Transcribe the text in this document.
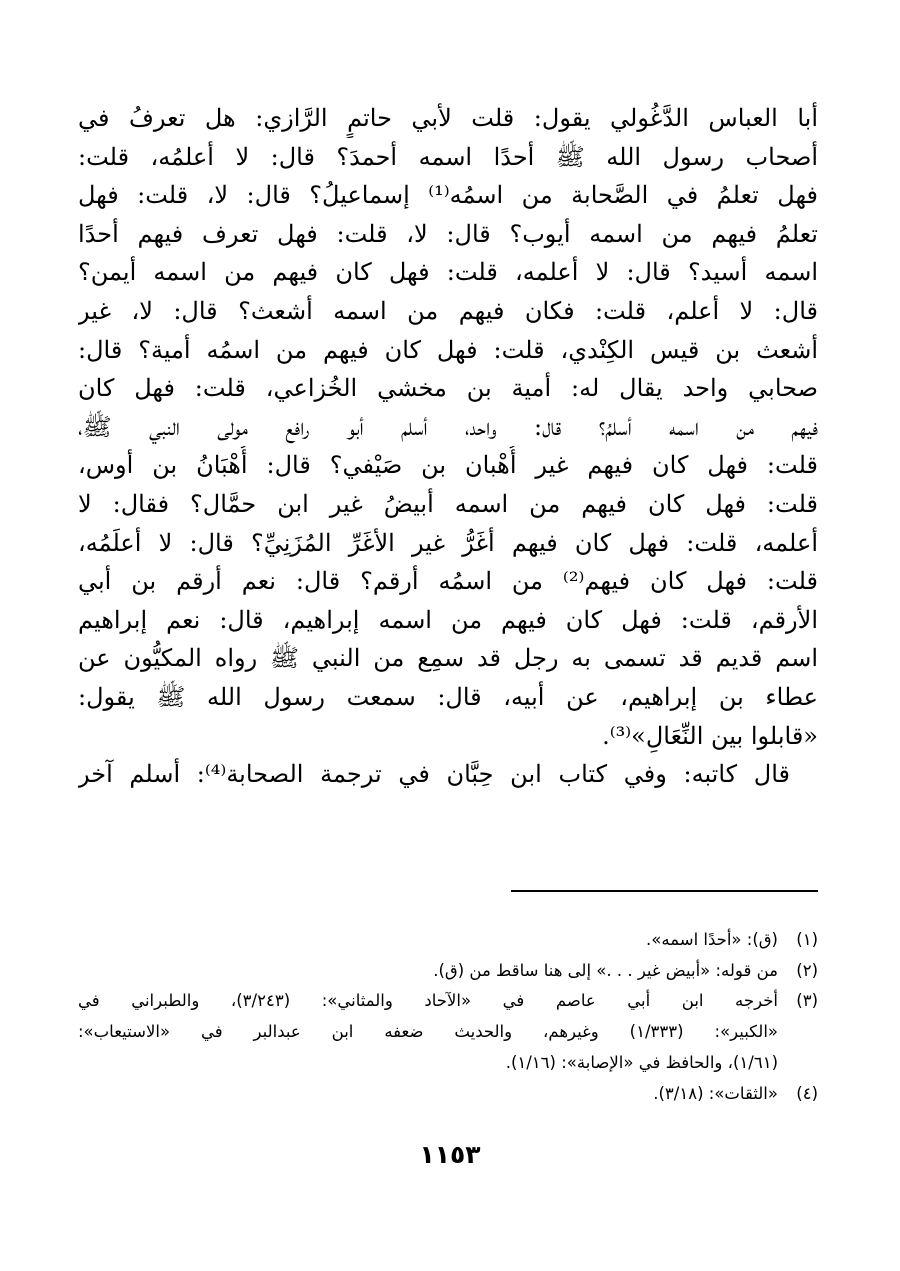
أبا العباس الدَّغُولي يقول: قلت لأبي حاتمٍ الرَّازي: هل تعرفُ في
أصحاب رسول الله ﷺ أحدًا اسمه أحمدَ؟ قال: لا أعلمُه، قلت:
فهل تعلمُ في الصَّحابة من اسمُه⁽¹⁾ إسماعيلُ؟ قال: لا، قلت: فهل
تعلمُ فيهم من اسمه أيوب؟ قال: لا، قلت: فهل تعرف فيهم أحدًا
اسمه أسيد؟ قال: لا أعلمه، قلت: فهل كان فيهم من اسمه أيمن؟
قال: لا أعلم، قلت: فكان فيهم من اسمه أشعث؟ قال: لا، غير
أشعث بن قيس الكِنْدي، قلت: فهل كان فيهم من اسمُه أمية؟ قال:
صحابي واحد يقال له: أمية بن مخشي الخُزاعي، قلت: فهل كان
فيهم من اسمه أسلمُ؟ قال: واحد، أسلم أبو رافع مولى النبي ﷺ،
قلت: فهل كان فيهم غير أُهْبان بن صَيْفي؟ قال: أُهْبَانُ بن أوس،
قلت: فهل كان فيهم من اسمه أبيضُ غير ابن حمَّال؟ فقال: لا
أعلمه، قلت: فهل كان فيهم أغَرُّ غير الأغَرِّ المُزَنِيِّ؟ قال: لا أعلَمُه،
قلت: فهل كان فيهم⁽²⁾ من اسمُه أرقم؟ قال: نعم أرقم بن أبي
الأرقم، قلت: فهل كان فيهم من اسمه إبراهيم، قال: نعم إبراهيم
اسم قديم قد تسمى به رجل قد سمِع من النبي ﷺ رواه المكيُّون عن
عطاء بن إبراهيم، عن أبيه، قال: سمعت رسول الله ﷺ يقول:
«قابلوا بين النِّعَالِ»⁽³⁾.
قال كاتبه: وفي كتاب ابن حِبَّان في ترجمة الصحابة⁽⁴⁾: أسلم آخر
(١)
(ق): «أحدًا اسمه».
(٢)
من قوله: «أبيض غير . . .» إلى هنا ساقط من (ق).
(٣)
أخرجه ابن أبي عاصم في «الآحاد والمثاني»: (٣/٢٤٣)، والطبراني في
«الكبير»: (١/٣٣٣) وغيرهم، والحديث ضعفه ابن عبدالبر في «الاستيعاب»:
(١/٦١)، والحافظ في «الإصابة»: (١/١٦).
(٤)
«الثقات»: (٣/١٨).
١١٥٣
